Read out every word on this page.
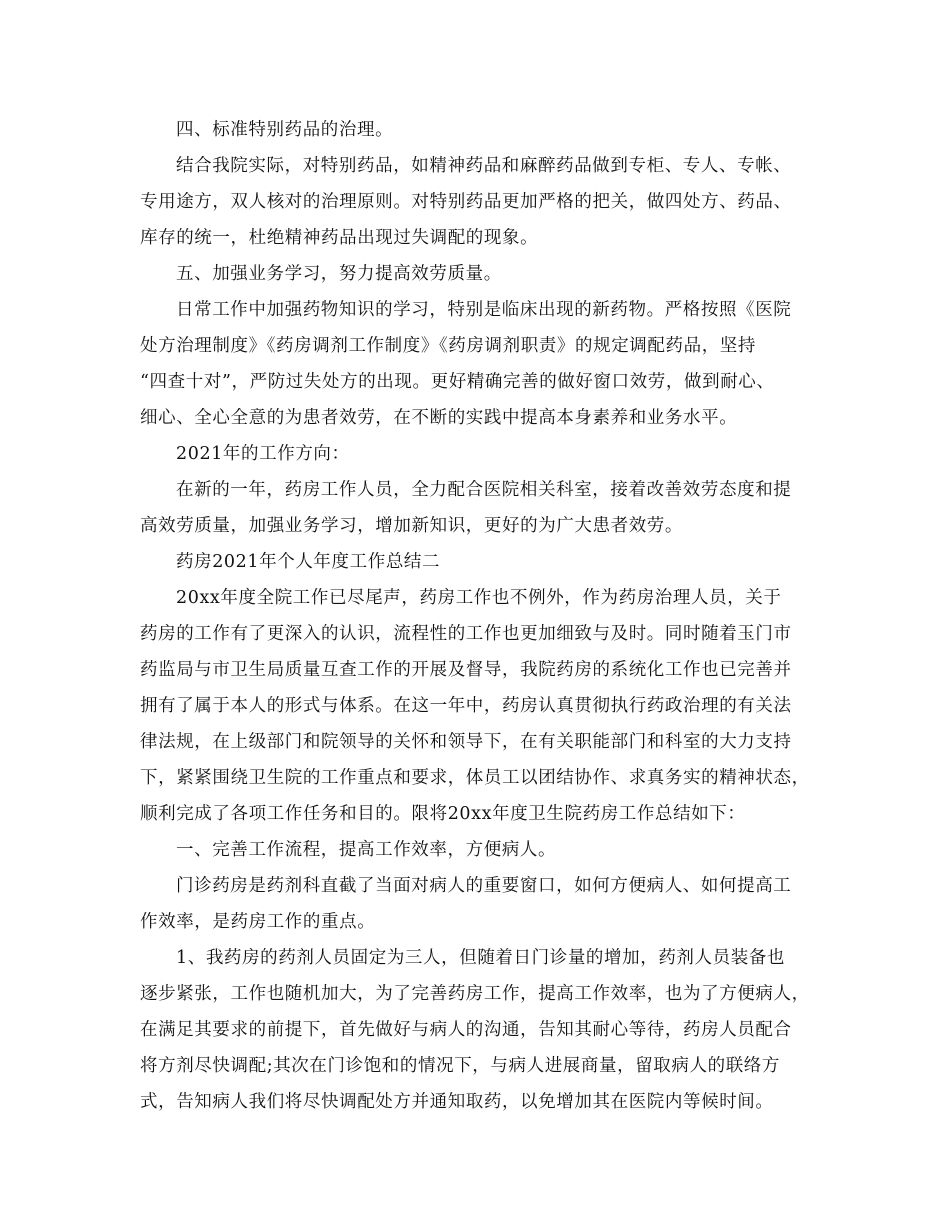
四、标准特别药品的治理。
结合我院实际，对特别药品，如精神药品和麻醉药品做到专柜、专人、专帐、
专用途方，双人核对的治理原则。对特别药品更加严格的把关，做四处方、药品、
库存的统一，杜绝精神药品出现过失调配的现象。
五、加强业务学习，努力提高效劳质量。
日常工作中加强药物知识的学习，特别是临床出现的新药物。严格按照《医院
处方治理制度》《药房调剂工作制度》《药房调剂职责》的规定调配药品，坚持
“四查十对”，严防过失处方的出现。更好精确完善的做好窗口效劳，做到耐心、
细心、全心全意的为患者效劳，在不断的实践中提高本身素养和业务水平。
2021年的工作方向：
在新的一年，药房工作人员，全力配合医院相关科室，接着改善效劳态度和提
高效劳质量，加强业务学习，增加新知识，更好的为广大患者效劳。
药房2021年个人年度工作总结二
20xx年度全院工作已尽尾声，药房工作也不例外，作为药房治理人员，关于
药房的工作有了更深入的认识，流程性的工作也更加细致与及时。同时随着玉门市
药监局与市卫生局质量互查工作的开展及督导，我院药房的系统化工作也已完善并
拥有了属于本人的形式与体系。在这一年中，药房认真贯彻执行药政治理的有关法
律法规，在上级部门和院领导的关怀和领导下，在有关职能部门和科室的大力支持
下，紧紧围绕卫生院的工作重点和要求，体员工以团结协作、求真务实的精神状态，
顺利完成了各项工作任务和目的。限将20xx年度卫生院药房工作总结如下：
一、完善工作流程，提高工作效率，方便病人。
门诊药房是药剂科直截了当面对病人的重要窗口，如何方便病人、如何提高工
作效率，是药房工作的重点。
1、我药房的药剂人员固定为三人，但随着日门诊量的增加，药剂人员装备也
逐步紧张，工作也随机加大，为了完善药房工作，提高工作效率，也为了方便病人，
在满足其要求的前提下，首先做好与病人的沟通，告知其耐心等待，药房人员配合
将方剂尽快调配;其次在门诊饱和的情况下，与病人进展商量，留取病人的联络方
式，告知病人我们将尽快调配处方并通知取药，以免增加其在医院内等候时间。
